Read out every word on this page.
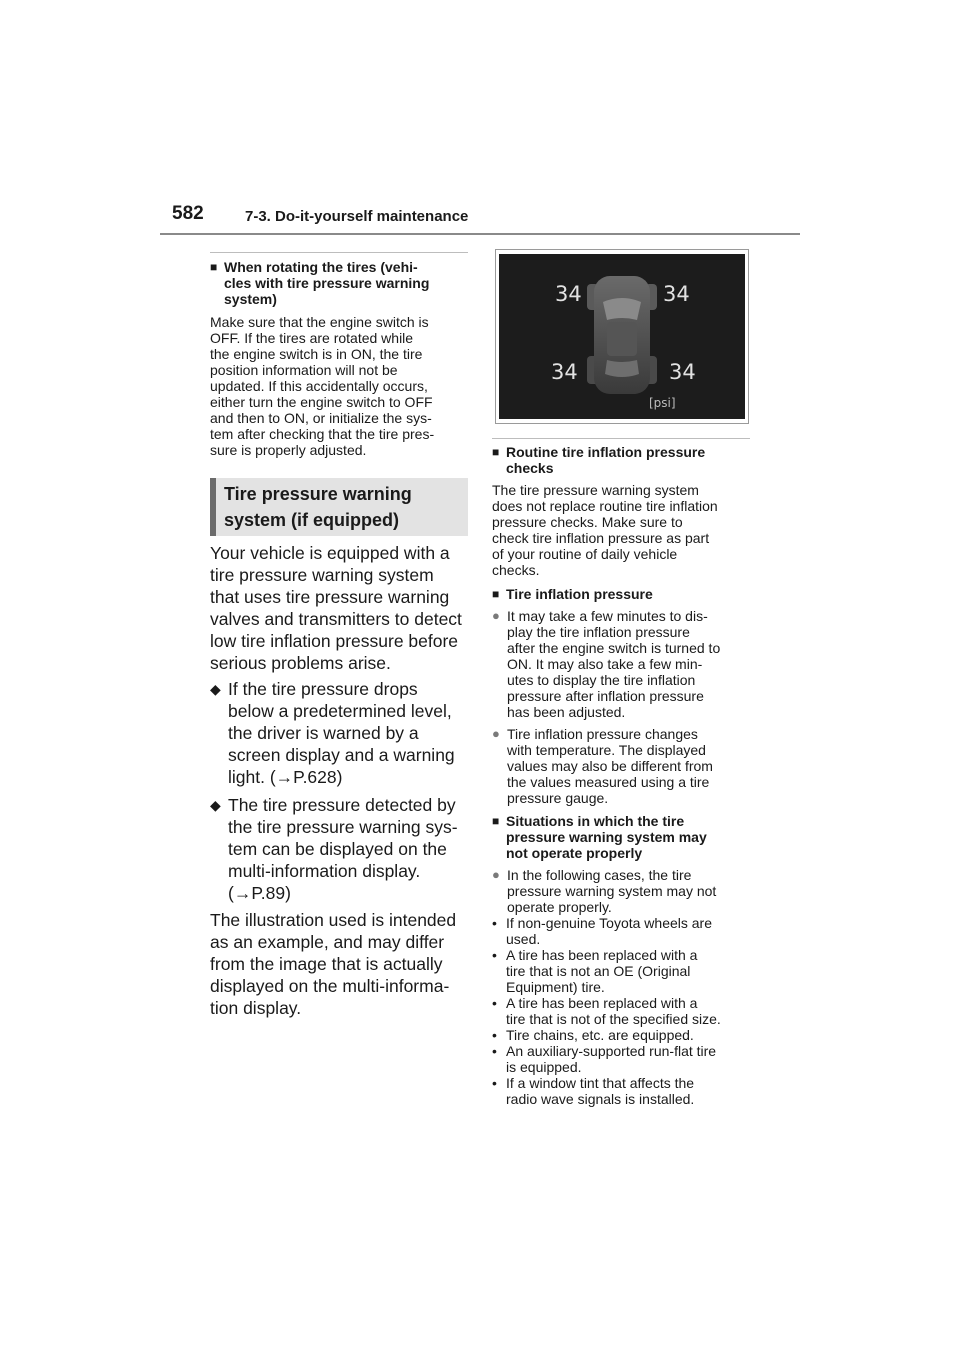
582	7-3. Do-it-yourself maintenance
■ When rotating the tires (vehi-
cles with tire pressure warning
system)
Make sure that the engine switch is
OFF. If the tires are rotated while
the engine switch is in ON, the tire
position information will not be
updated. If this accidentally occurs,
either turn the engine switch to OFF
and then to ON, or initialize the sys-
tem after checking that the tire pres-
sure is properly adjusted.
Tire pressure warning
system (if equipped)
Your vehicle is equipped with a
tire pressure warning system
that uses tire pressure warning
valves and transmitters to detect
low tire inflation pressure before
serious problems arise.
◆ If the tire pressure drops
below a predetermined level,
the driver is warned by a
screen display and a warning
light. (→P.628)
◆ The tire pressure detected by
the tire pressure warning sys-
tem can be displayed on the
multi-information display.
(→P.89)
The illustration used is intended
as an example, and may differ
from the image that is actually
displayed on the multi-informa-
tion display.
34	34
34	34
[psi]
■ Routine tire inflation pressure
checks
The tire pressure warning system
does not replace routine tire inflation
pressure checks. Make sure to
check tire inflation pressure as part
of your routine of daily vehicle
checks.
■ Tire inflation pressure
● It may take a few minutes to dis-
play the tire inflation pressure
after the engine switch is turned to
ON. It may also take a few min-
utes to display the tire inflation
pressure after inflation pressure
has been adjusted.
● Tire inflation pressure changes
with temperature. The displayed
values may also be different from
the values measured using a tire
pressure gauge.
■ Situations in which the tire
pressure warning system may
not operate properly
● In the following cases, the tire
pressure warning system may not
operate properly.
• If non-genuine Toyota wheels are
used.
• A tire has been replaced with a
tire that is not an OE (Original
Equipment) tire.
• A tire has been replaced with a
tire that is not of the specified size.
• Tire chains, etc. are equipped.
• An auxiliary-supported run-flat tire
is equipped.
• If a window tint that affects the
radio wave signals is installed.
